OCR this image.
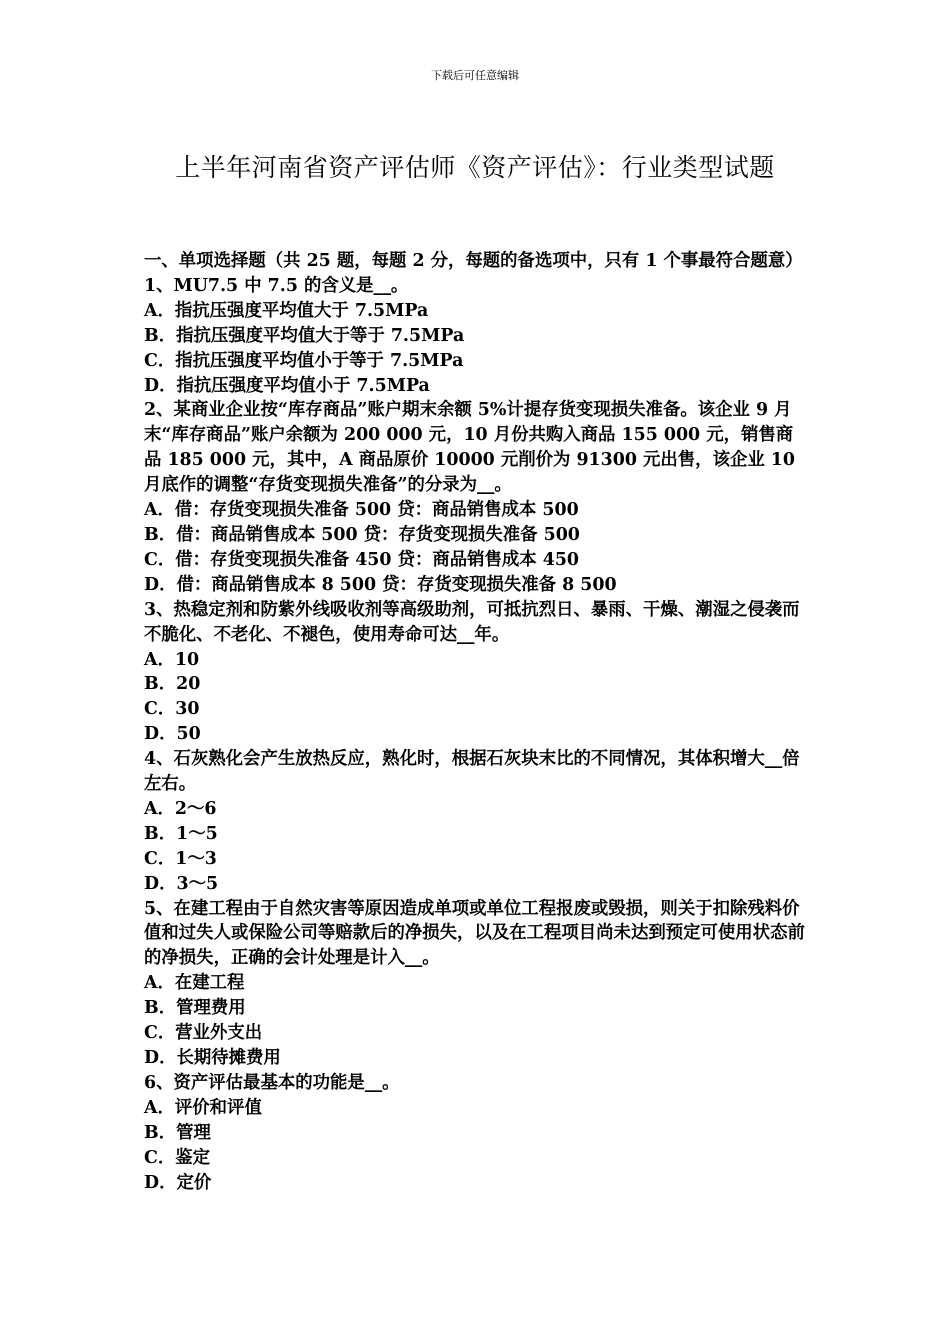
下载后可任意编辑
上半年河南省资产评估师《资产评估》：行业类型试题

一、单项选择题（共 25 题，每题 2 分，每题的备选项中，只有 1 个事最符合题意）

1、MU7.5 中 7.5 的含义是__。

A．指抗压强度平均值大于 7.5MPa

B．指抗压强度平均值大于等于 7.5MPa

C．指抗压强度平均值小于等于 7.5MPa

D．指抗压强度平均值小于 7.5MPa

2、某商业企业按“库存商品”账户期末余额 5%计提存货变现损失准备。该企业 9 月末“库存商品”账户余额为 200 000 元，10 月份共购入商品 155 000 元，销售商品 185 000 元，其中，A 商品原价 10000 元削价为 91300 元出售，该企业 10 月底作的调整“存货变现损失准备”的分录为__。

A．借：存货变现损失准备 500 贷：商品销售成本 500

B．借：商品销售成本 500 贷：存货变现损失准备 500

C．借：存货变现损失准备 450 贷：商品销售成本 450

D．借：商品销售成本 8 500 贷：存货变现损失准备 8 500

3、热稳定剂和防紫外线吸收剂等高级助剂，可抵抗烈日、暴雨、干燥、潮湿之侵袭而不脆化、不老化、不褪色，使用寿命可达__年。

A．10

B．20

C．30

D．50

4、石灰熟化会产生放热反应，熟化时，根据石灰块末比的不同情况，其体积增大__倍左右。

A．2～6

B．1～5

C．1～3

D．3～5

5、在建工程由于自然灾害等原因造成单项或单位工程报废或毁损，则关于扣除残料价值和过失人或保险公司等赔款后的净损失，以及在工程项目尚未达到预定可使用状态前的净损失，正确的会计处理是计入__。

A．在建工程

B．管理费用

C．营业外支出

D．长期待摊费用

6、资产评估最基本的功能是__。

A．评价和评值

B．管理

C．鉴定

D．定价
